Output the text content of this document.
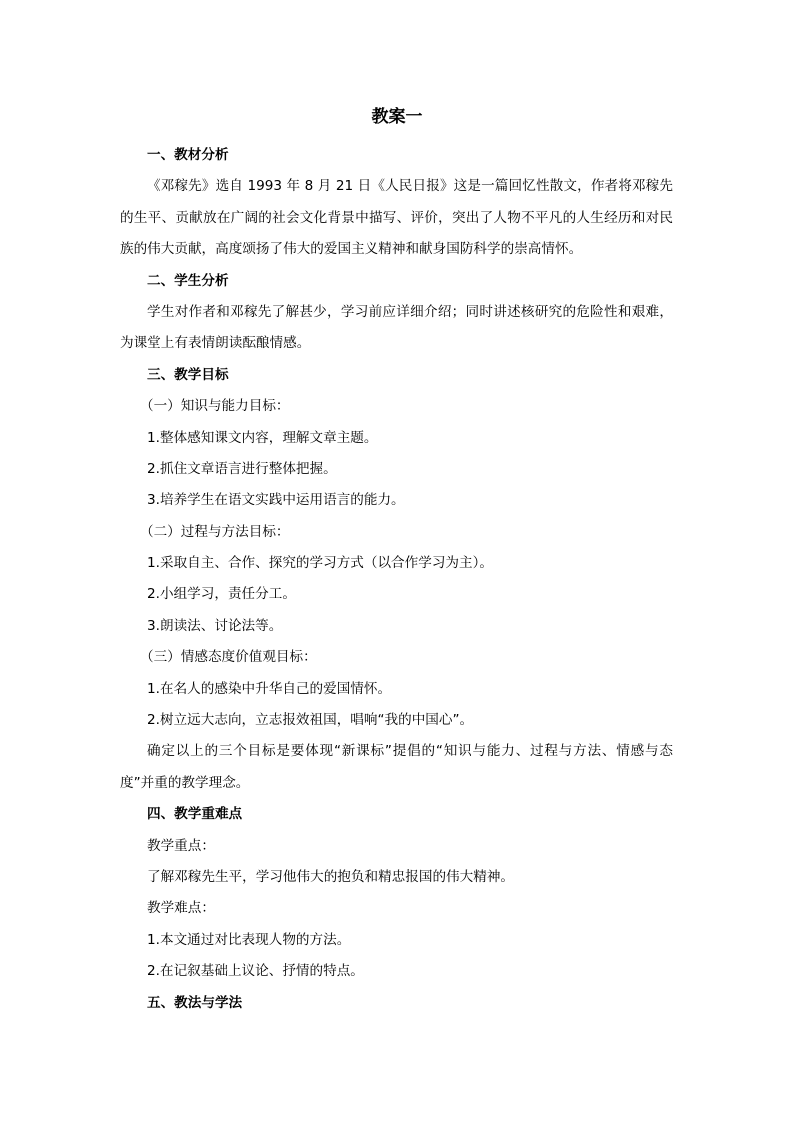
教案一
一、教材分析
《邓稼先》选自 1993 年 8 月 21 日《人民日报》这是一篇回忆性散文，作者将邓稼先
的生平、贡献放在广阔的社会文化背景中描写、评价，突出了人物不平凡的人生经历和对民
族的伟大贡献，高度颂扬了伟大的爱国主义精神和献身国防科学的崇高情怀。
二、学生分析
学生对作者和邓稼先了解甚少，学习前应详细介绍；同时讲述核研究的危险性和艰难，
为课堂上有表情朗读酝酿情感。
三、教学目标
（一）知识与能力目标：
1.整体感知课文内容，理解文章主题。
2.抓住文章语言进行整体把握。
3.培养学生在语文实践中运用语言的能力。
（二）过程与方法目标：
1.采取自主、合作、探究的学习方式（以合作学习为主）。
2.小组学习，责任分工。
3.朗读法、讨论法等。
（三）情感态度价值观目标：
1.在名人的感染中升华自己的爱国情怀。
2.树立远大志向，立志报效祖国，唱响“我的中国心”。
确定以上的三个目标是要体现“新课标”提倡的“知识与能力、过程与方法、情感与态
度”并重的教学理念。
四、教学重难点
教学重点：
了解邓稼先生平，学习他伟大的抱负和精忠报国的伟大精神。
教学难点：
1.本文通过对比表现人物的方法。
2.在记叙基础上议论、抒情的特点。
五、教法与学法
